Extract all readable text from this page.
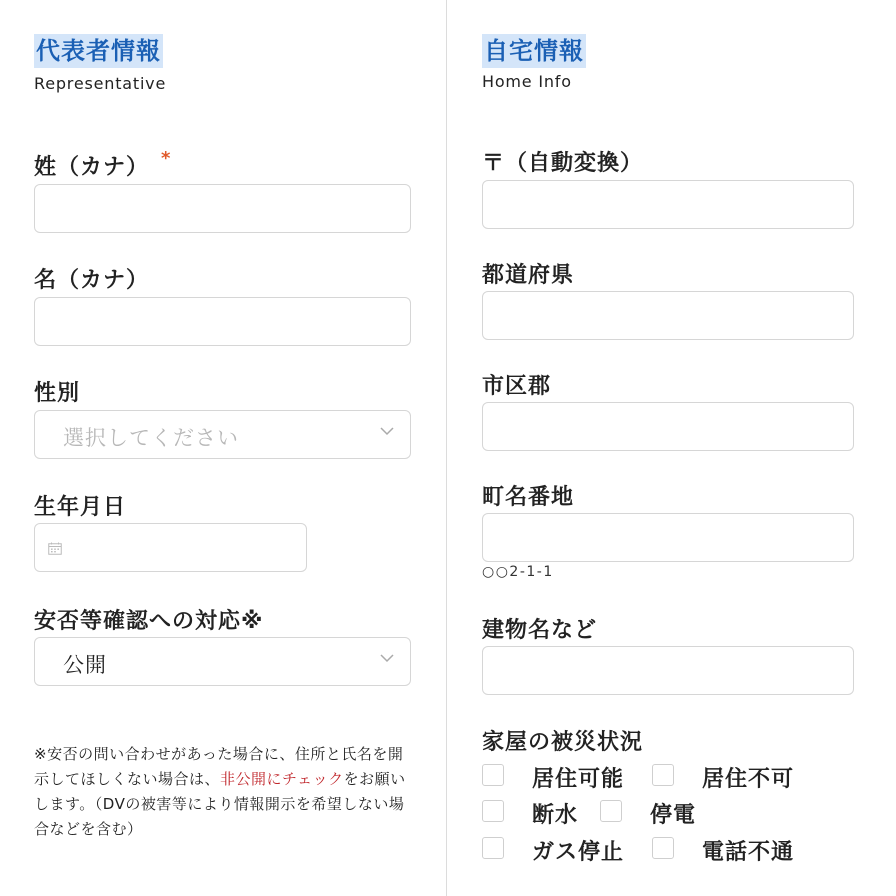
代表者情報
Representative
姓（カナ） *
名（カナ）
性別
選択してください
生年月日
安否等確認への対応※
公開
※安否の問い合わせがあった場合に、住所と氏名を開示してほしくない場合は、非公開にチェックをお願いします。（DVの被害等により情報開示を希望しない場合などを含む）
自宅情報
Home Info
〒（自動変換）
都道府県
市区郡
町名番地
○○2-1-1
建物名など
家屋の被災状況
居住可能	居住不可
断水	停電
ガス停止	電話不通
